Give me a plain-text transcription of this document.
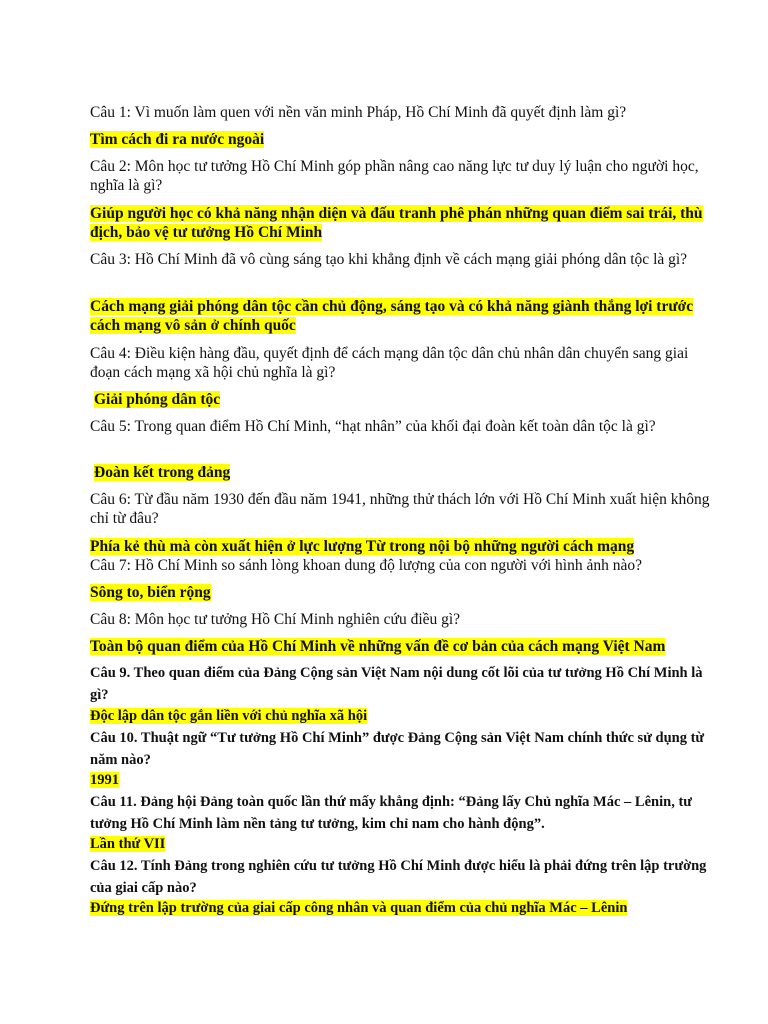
Câu 1: Vì muốn làm quen với nền văn minh Pháp, Hồ Chí Minh đã quyết định làm gì?
Tìm cách đi ra nước ngoài
Câu 2: Môn học tư tưởng Hồ Chí Minh góp phần nâng cao năng lực tư duy lý luận cho người học, nghĩa là gì?
Giúp người học có khả năng nhận diện và đấu tranh phê phán những quan điểm sai trái, thù địch, bảo vệ tư tưởng Hồ Chí Minh
Câu 3: Hồ Chí Minh đã vô cùng sáng tạo khi khẳng định về cách mạng giải phóng dân tộc là gì?
Cách mạng giải phóng dân tộc cần chủ động, sáng tạo và có khả năng giành thắng lợi trước cách mạng vô sản ở chính quốc
Câu 4: Điều kiện hàng đầu, quyết định để cách mạng dân tộc dân chủ nhân dân chuyển sang giai đoạn cách mạng xã hội chủ nghĩa là gì?
Giải phóng dân tộc
Câu 5: Trong quan điểm Hồ Chí Minh, “hạt nhân” của khối đại đoàn kết toàn dân tộc là gì?
Đoàn kết trong đảng
Câu 6: Từ đầu năm 1930 đến đầu năm 1941, những thử thách lớn với Hồ Chí Minh xuất hiện không chỉ từ đâu?
Phía kẻ thù mà còn xuất hiện ở lực lượng Từ trong nội bộ những người cách mạng
Câu 7: Hồ Chí Minh so sánh lòng khoan dung độ lượng của con người với hình ảnh nào?
Sông to, biển rộng
Câu 8: Môn học tư tưởng Hồ Chí Minh nghiên cứu điều gì?
Toàn bộ quan điểm của Hồ Chí Minh về những vấn đề cơ bản của cách mạng Việt Nam
Câu 9. Theo quan điểm của Đảng Cộng sản Việt Nam nội dung cốt lõi của tư tưởng Hồ Chí Minh là gì?
Độc lập dân tộc gắn liền với chủ nghĩa xã hội
Câu 10. Thuật ngữ “Tư tưởng Hồ Chí Minh” được Đảng Cộng sản Việt Nam chính thức sử dụng từ năm nào?
1991
Câu 11. Đảng hội Đảng toàn quốc lần thứ mấy khẳng định: “Đảng lấy Chủ nghĩa Mác – Lênin, tư tưởng Hồ Chí Minh làm nền tảng tư tưởng, kim chỉ nam cho hành động”.
Lần thứ VII
Câu 12. Tính Đảng trong nghiên cứu tư tưởng Hồ Chí Minh được hiểu là phải đứng trên lập trường của giai cấp nào?
Đứng trên lập trường của giai cấp công nhân và quan điểm của chủ nghĩa Mác – Lênin
